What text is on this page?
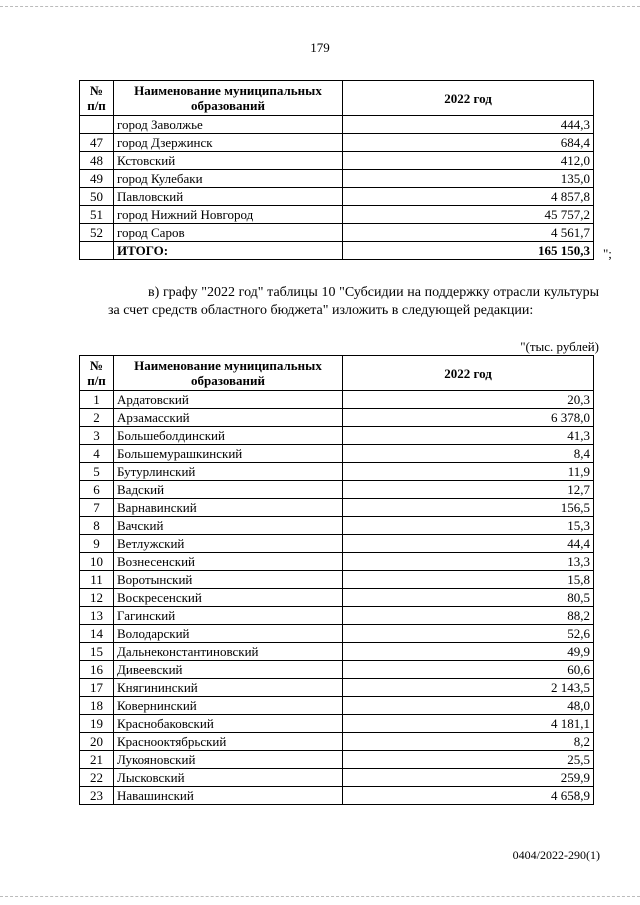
179
№ п/п	Наименование муниципальных образований	2022 год
	город Заволжье	444,3
47	город Дзержинск	684,4
48	Кстовский	412,0
49	город Кулебаки	135,0
50	Павловский	4 857,8
51	город Нижний Новгород	45 757,2
52	город Саров	4 561,7
	ИТОГО:	165 150,3 ";
в) графу "2022 год" таблицы 10 "Субсидии на поддержку отрасли культуры за счет средств областного бюджета" изложить в следующей редакции:
"(тыс. рублей)
№ п/п	Наименование муниципальных образований	2022 год
1	Ардатовский	20,3
2	Арзамасский	6 378,0
3	Большеболдинский	41,3
4	Большемурашкинский	8,4
5	Бутурлинский	11,9
6	Вадский	12,7
7	Варнавинский	156,5
8	Вачский	15,3
9	Ветлужский	44,4
10	Вознесенский	13,3
11	Воротынский	15,8
12	Воскресенский	80,5
13	Гагинский	88,2
14	Володарский	52,6
15	Дальнеконстантиновский	49,9
16	Дивеевский	60,6
17	Княгининский	2 143,5
18	Ковернинский	48,0
19	Краснобаковский	4 181,1
20	Краснооктябрьский	8,2
21	Лукояновский	25,5
22	Лысковский	259,9
23	Навашинский	4 658,9
0404/2022-290(1)
